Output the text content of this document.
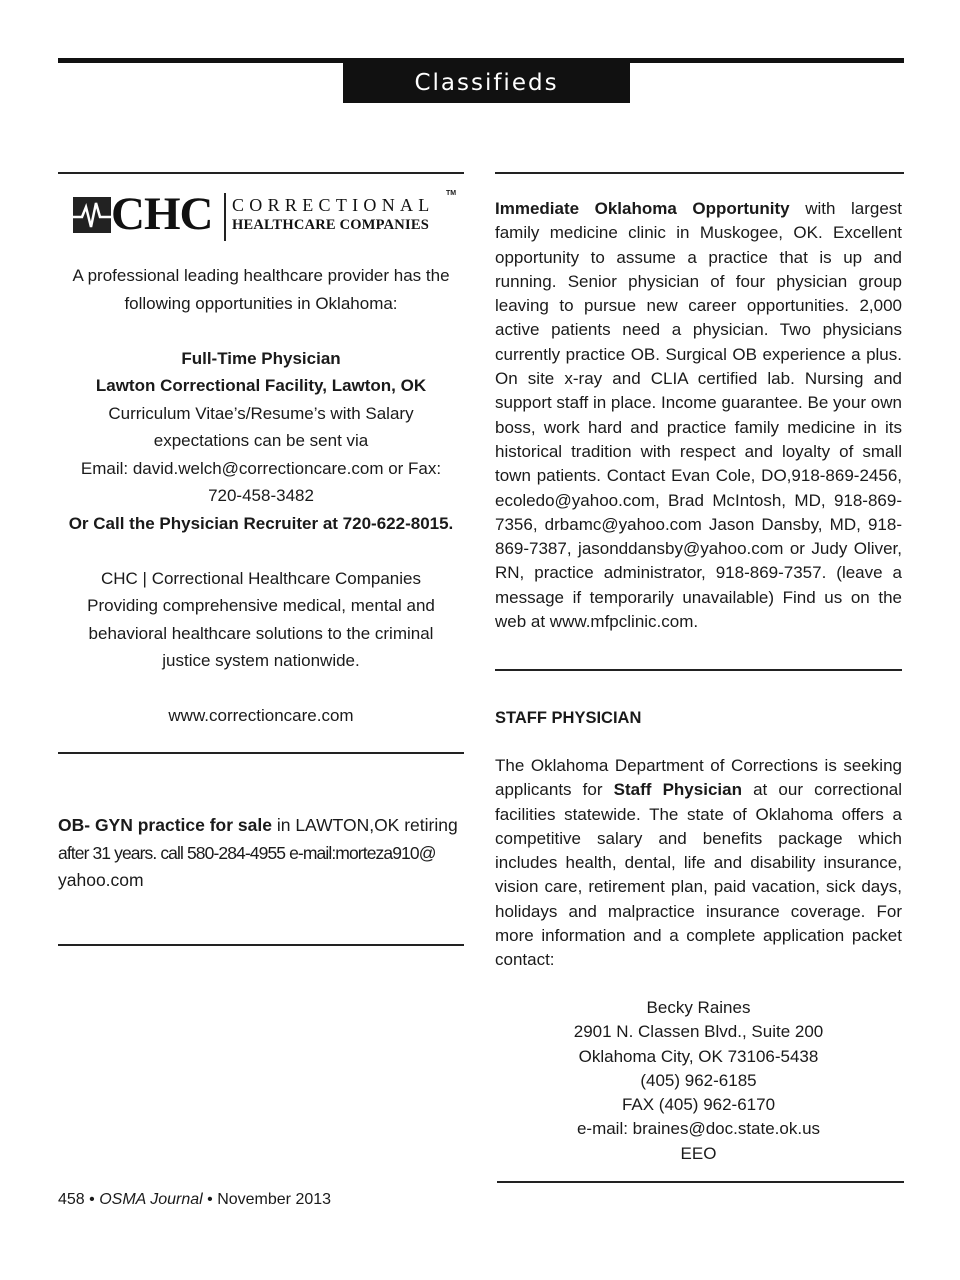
Classifieds
CHC CORRECTIONAL
HEALTHCARE COMPANIES
TM

A professional leading healthcare provider has the

following opportunities in Oklahoma:

Full-Time Physician

Lawton Correctional Facility, Lawton, OK

Curriculum Vitae’s/Resume’s with Salary

expectations can be sent via

Email: david.welch@correctioncare.com or Fax:

720-458-3482

Or Call the Physician Recruiter at 720-622-8015.

CHC | Correctional Healthcare Companies

Providing comprehensive medical, mental and

behavioral healthcare solutions to the criminal

justice system nationwide.

www.correctioncare.com

OB- GYN practice for sale in LAWTON,OK retiring

after 31 years. call 580-284-4955 e-mail:morteza910@

yahoo.com

Immediate Oklahoma Opportunity with largest family medicine clinic in Muskogee, OK. Excellent opportunity to assume a practice that is up and running. Senior physician of four physician group leaving to pursue new career opportunities. 2,000 active patients need a physician. Two physicians currently practice OB. Surgical OB experience a plus. On site x-ray and CLIA certified lab. Nursing and support staff in place. Income guarantee. Be your own boss, work hard and practice family medicine in its historical tradition with respect and loyalty of small town patients. Contact Evan Cole, DO,918-869-2456, ecoledo@yahoo.com, Brad McIntosh, MD, 918-869-7356, drbamc@yahoo.com Jason Dansby, MD, 918-869-7387, jasonddansby@yahoo.com or Judy Oliver, RN, practice administrator, 918-869-7357. (leave a message if temporarily unavailable) Find us on the web at www.mfpclinic.com.

STAFF PHYSICIAN

The Oklahoma Department of Corrections is seeking applicants for Staff Physician at our correctional facilities statewide. The state of Oklahoma offers a competitive salary and benefits package which includes health, dental, life and disability insurance, vision care, retirement plan, paid vacation, sick days, holidays and malpractice insurance coverage. For more information and a complete application packet contact:

Becky Raines

2901 N. Classen Blvd., Suite 200

Oklahoma City, OK 73106-5438

(405) 962-6185

FAX (405) 962-6170

e-mail: braines@doc.state.ok.us

EEO

458 • OSMA Journal • November 2013
